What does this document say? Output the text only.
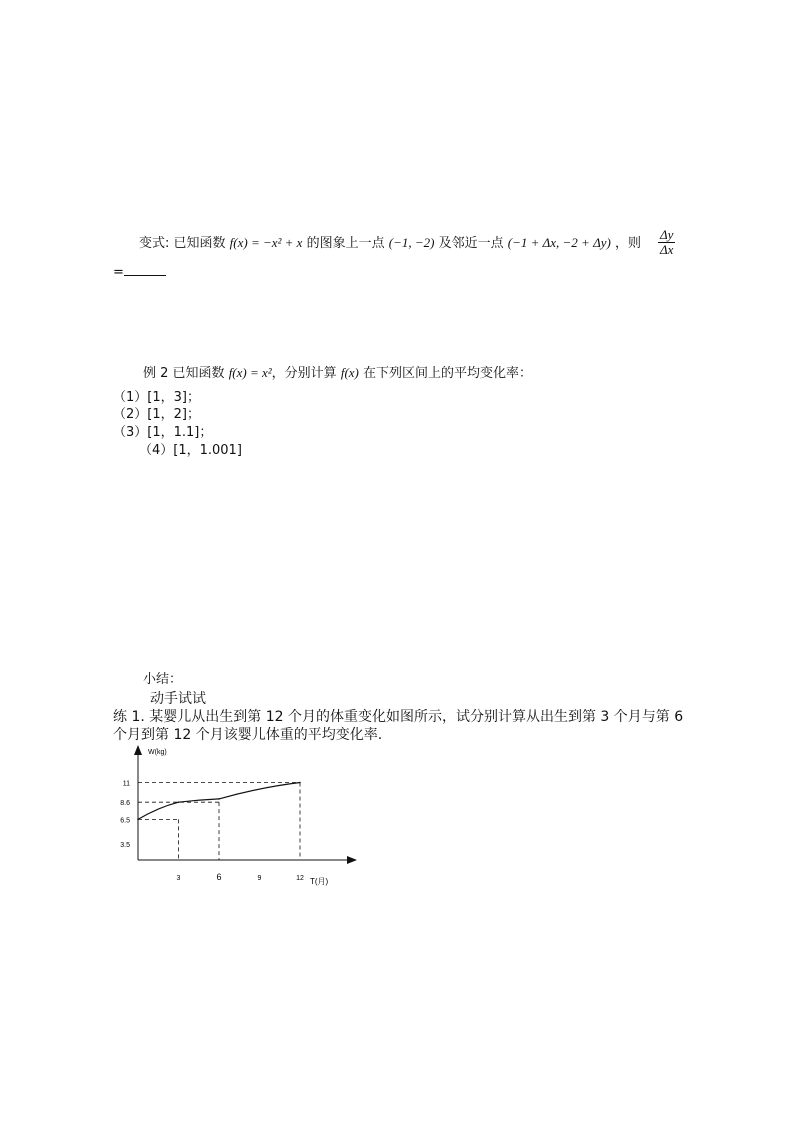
变式: 已知函数 f(x) = −x² + x 的图象上一点 (−1, −2) 及邻近一点 (−1 + Δx, −2 + Δy) ，则 $\frac{\Delta y}{\Delta x}$
=
例 2 已知函数 f(x) = x²，分别计算 f(x) 在下列区间上的平均变化率：
（1）[1，3]；
（2）[1，2]；
（3）[1，1.1]；
（4）[1，1.001]
小结：
动手试试
练 1. 某婴儿从出生到第 12 个月的体重变化如图所示，试分别计算从出生到第 3 个月与第 6
个月到第 12 个月该婴儿体重的平均变化率.
3	6	9	12
11
8.6
6.5
3.5
T(月)
W(kg)
